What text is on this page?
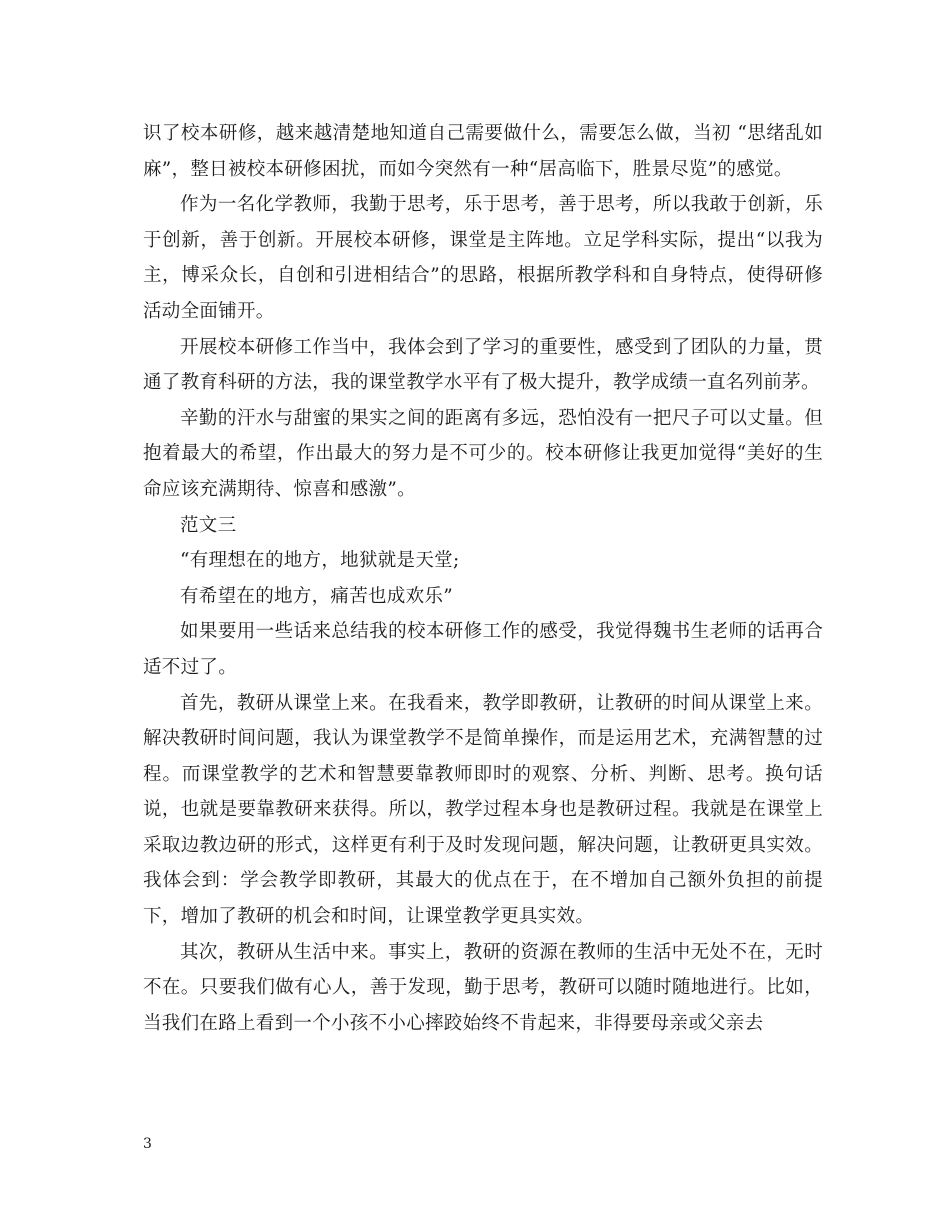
识了校本研修，越来越清楚地知道自己需要做什么，需要怎么做，当初 “思绪乱如麻”，整日被校本研修困扰，而如今突然有一种“居高临下，胜景尽览”的感觉。

作为一名化学教师，我勤于思考，乐于思考，善于思考，所以我敢于创新，乐于创新，善于创新。开展校本研修，课堂是主阵地。立足学科实际，提出“以我为主，博采众长，自创和引进相结合”的思路，根据所教学科和自身特点，使得研修活动全面铺开。

开展校本研修工作当中，我体会到了学习的重要性，感受到了团队的力量，贯通了教育科研的方法，我的课堂教学水平有了极大提升，教学成绩一直名列前茅。

辛勤的汗水与甜蜜的果实之间的距离有多远，恐怕没有一把尺子可以丈量。但抱着最大的希望，作出最大的努力是不可少的。校本研修让我更加觉得“美好的生命应该充满期待、惊喜和感激”。

范文三

“有理想在的地方，地狱就是天堂;

有希望在的地方，痛苦也成欢乐”

如果要用一些话来总结我的校本研修工作的感受，我觉得魏书生老师的话再合适不过了。

首先，教研从课堂上来。在我看来，教学即教研，让教研的时间从课堂上来。解决教研时间问题，我认为课堂教学不是简单操作，而是运用艺术，充满智慧的过程。而课堂教学的艺术和智慧要靠教师即时的观察、分析、判断、思考。换句话说，也就是要靠教研来获得。所以，教学过程本身也是教研过程。我就是在课堂上采取边教边研的形式，这样更有利于及时发现问题，解决问题，让教研更具实效。我体会到：学会教学即教研，其最大的优点在于，在不增加自己额外负担的前提下，增加了教研的机会和时间，让课堂教学更具实效。

其次，教研从生活中来。事实上，教研的资源在教师的生活中无处不在，无时不在。只要我们做有心人，善于发现，勤于思考，教研可以随时随地进行。比如，当我们在路上看到一个小孩不小心摔跤始终不肯起来，非得要母亲或父亲去

3
